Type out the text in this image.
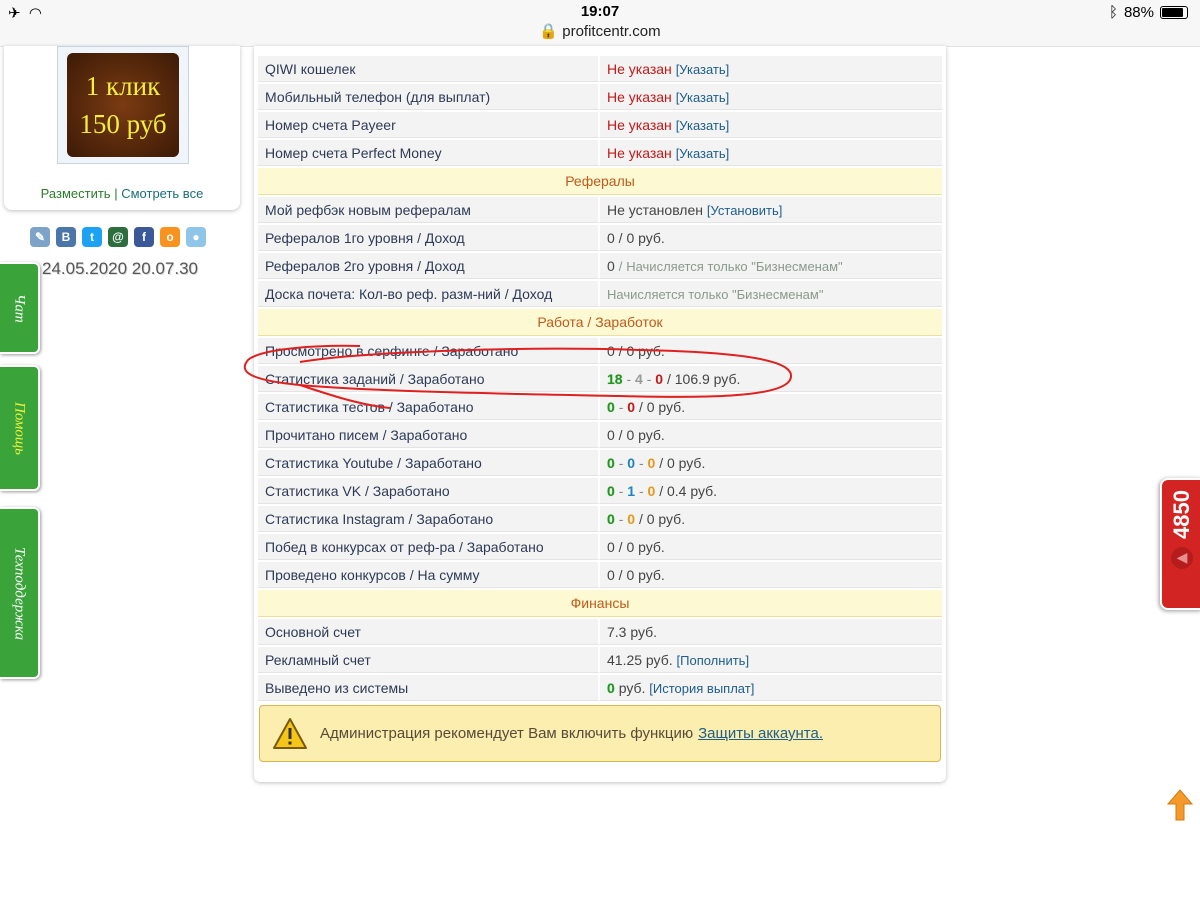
✈  ◠	19:07
🔒 profitcentr.com
ᛒ 88%
1 клик
150 руб
Разместить | Смотреть все
✎	B	t	@	f	o	●
24.05.2020 20.07.30
Чат
Помощь
Техподдержка
QIWI кошелек	Не указан [Указать]
Мобильный телефон (для выплат)	Не указан [Указать]
Номер счета Payeer	Не указан [Указать]
Номер счета Perfect Money	Не указан [Указать]
Рефералы	
Мой рефбэк новым рефералам	Не установлен [Установить]
Рефералов 1го уровня / Доход	0 / 0 руб.
Рефералов 2го уровня / Доход	0 / Начисляется только "Бизнесменам"
Доска почета: Кол-во реф. разм-ний / Доход	Начисляется только "Бизнесменам"
Работа / Заработок	
Просмотрено в серфинге / Заработано	0 / 0 руб.
Статистика заданий / Заработано	18 - 4 - 0 / 106.9 руб.
Статистика тестов / Заработано	0 - 0 / 0 руб.
Прочитано писем / Заработано	0 / 0 руб.
Статистика Youtube / Заработано	0 - 0 - 0 / 0 руб.
Статистика VK / Заработано	0 - 1 - 0 / 0.4 руб.
Статистика Instagram / Заработано	0 - 0 / 0 руб.
Побед в конкурсах от реф-ра / Заработано	0 / 0 руб.
Проведено конкурсов / На сумму	0 / 0 руб.
Финансы	
Основной счет	7.3 руб.
Рекламный счет	41.25 руб. [Пополнить]
Выведено из системы	0 руб. [История выплат]
Администрация рекомендует Вам включить функцию Защиты аккаунта.
4850
◀
